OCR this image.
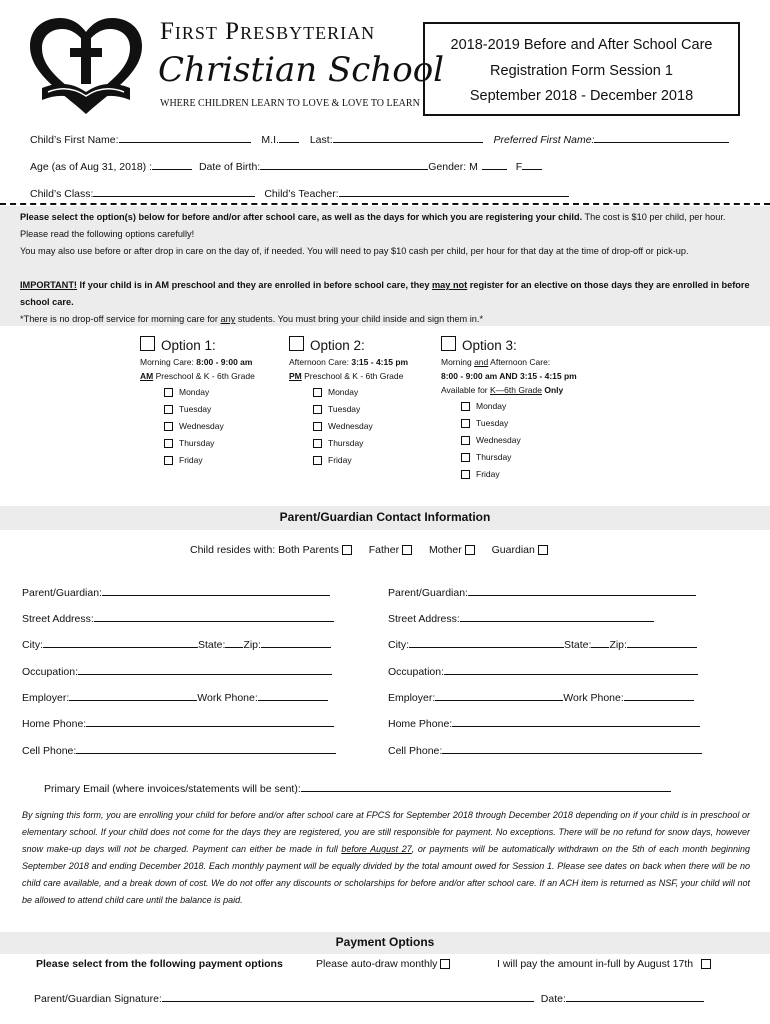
First Presbyterian
Christian School
WHERE CHILDREN LEARN TO LOVE & LOVE TO LEARN
2018-2019 Before and After School Care
Registration Form Session 1
September 2018 - December 2018
Child’s First Name:	M.I.	Last:	Preferred First Name:
Age (as of Aug 31, 2018) :	Date of Birth:	Gender: M	F
Child’s Class:	Child’s Teacher:
Please select the option(s) below for before and/or after school care, as well as the days for which you are registering your child. The cost is $10 per child, per hour. Please read the following options carefully!
You may also use before or after drop in care on the day of, if needed. You will need to pay $10 cash per child, per hour for that day at the time of drop-off or pick-up.
IMPORTANT! If your child is in AM preschool and they are enrolled in before school care, they may not register for an elective on those days they are enrolled in before school care.
*There is no drop-off service for morning care for any students. You must bring your child inside and sign them in.*
Option 1:
Morning Care: 8:00 - 9:00 am
AM Preschool & K - 6th Grade
Monday
Tuesday
Wednesday
Thursday
Friday
Option 2:
Afternoon Care: 3:15 - 4:15 pm
PM Preschool & K - 6th Grade
Monday
Tuesday
Wednesday
Thursday
Friday
Option 3:
Morning and Afternoon Care:
8:00 - 9:00 am AND 3:15 - 4:15 pm
Available for K—6th Grade Only
Monday
Tuesday
Wednesday
Thursday
Friday
Parent/Guardian Contact Information
Child resides with: Both Parents	Father	Mother	Guardian
Parent/Guardian:
Street Address:
City:	State: Zip:
Occupation:
Employer:	Work Phone:
Home Phone:
Cell Phone:
Parent/Guardian:
Street Address:
City:	State: Zip:
Occupation:
Employer:	Work Phone:
Home Phone:
Cell Phone:
Primary Email (where invoices/statements will be sent):
By signing this form, you are enrolling your child for before and/or after school care at FPCS for September 2018 through December 2018 depending on if your child is in preschool or elementary school. If your child does not come for the days they are registered, you are still responsible for payment. No exceptions. There will be no refund for snow days, however snow make-up days will not be charged. Payment can either be made in full before August 27, or payments will be automatically withdrawn on the 5th of each month beginning September 2018 and ending December 2018. Each monthly payment will be equally divided by the total amount owed for Session 1. Please see dates on back when there will be no child care available, and a break down of cost. We do not offer any discounts or scholarships for before and/or after school care. If an ACH item is returned as NSF, your child will not be allowed to attend child care until the balance is paid.
Payment Options
Please select from the following payment options	Please auto-draw monthly	I will pay the amount in-full by August 17th
Parent/Guardian Signature:	Date:
